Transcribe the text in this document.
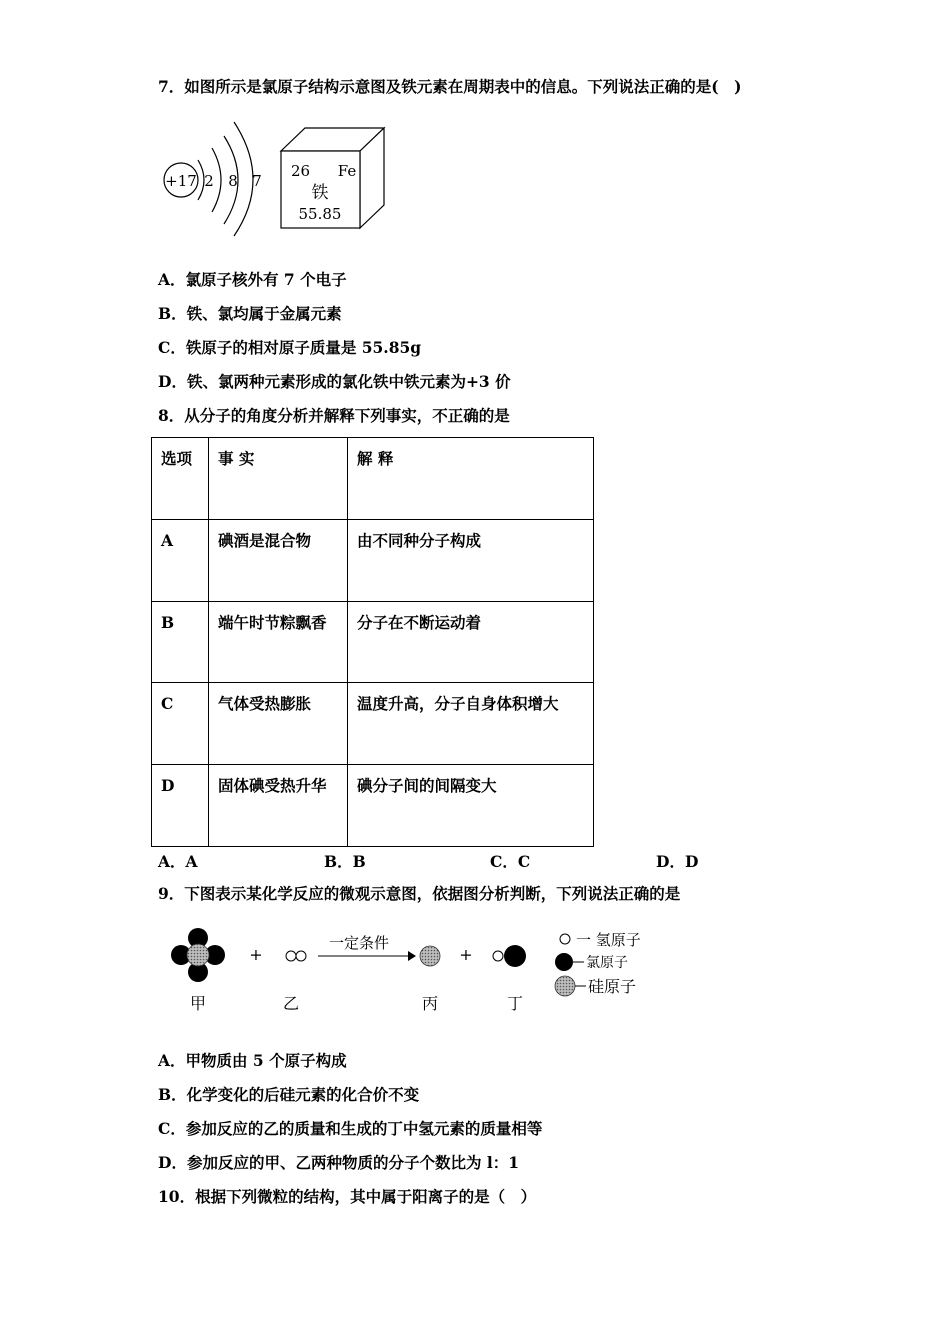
7．如图所示是氯原子结构示意图及铁元素在周期表中的信息。下列说法正确的是(　)
+17 2 8 7
26 Fe
铁
55.85
A．氯原子核外有 7 个电子
B．铁、氯均属于金属元素
C．铁原子的相对原子质量是 55.85g
D．铁、氯两种元素形成的氯化铁中铁元素为+3 价
8．从分子的角度分析并解释下列事实，不正确的是
选项	事 实	解 释
A	碘酒是混合物	由不同种分子构成
B	端午时节粽飘香	分子在不断运动着
C	气体受热膨胀	温度升高，分子自身体积增大
D	固体碘受热升华	碘分子间的间隔变大
A．A	B．B	C．C	D．D
9．下图表示某化学反应的微观示意图，依据图分析判断，下列说法正确的是
+
一定条件
+
甲	乙	丙	丁
一 氢原子
氯原子
硅原子
A．甲物质由 5 个原子构成
B．化学变化的后硅元素的化合价不变
C．参加反应的乙的质量和生成的丁中氢元素的质量相等
D．参加反应的甲、乙两种物质的分子个数比为 l：1
10．根据下列微粒的结构，其中属于阳离子的是（　）
